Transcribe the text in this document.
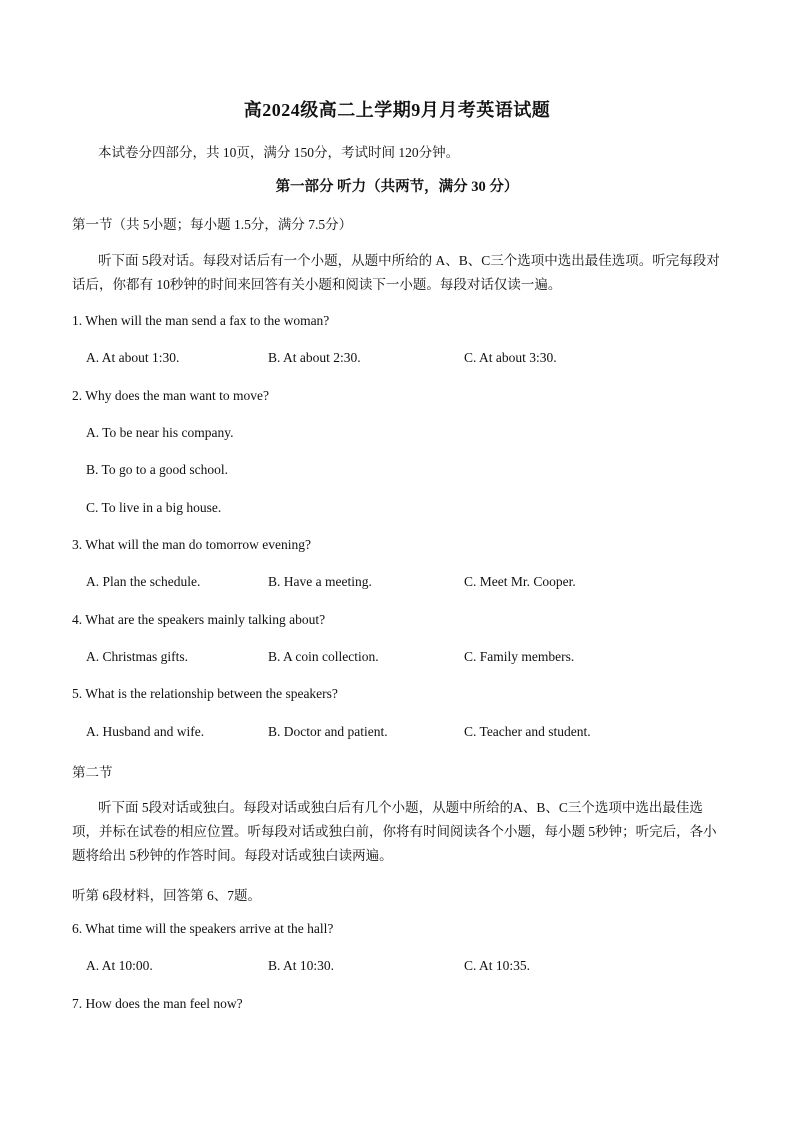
高2024级高二上学期9月月考英语试题
本试卷分四部分，共 10页，满分 150分，考试时间 120分钟。
第一部分 听力（共两节，满分 30 分）
第一节（共 5小题；每小题 1.5分，满分 7.5分）
听下面 5段对话。每段对话后有一个小题，从题中所给的 A、B、C三个选项中选出最佳选项。听完每段对话后，你都有 10秒钟的时间来回答有关小题和阅读下一小题。每段对话仅读一遍。
1. When will the man send a fax to the woman?
A. At about 1:30.	B. At about 2:30.	C. At about 3:30.
2. Why does the man want to move?
A. To be near his company.
B. To go to a good school.
C. To live in a big house.
3. What will the man do tomorrow evening?
A. Plan the schedule.	B. Have a meeting.	C. Meet Mr. Cooper.
4. What are the speakers mainly talking about?
A. Christmas gifts.	B. A coin collection.	C. Family members.
5. What is the relationship between the speakers?
A. Husband and wife.	B. Doctor and patient.	C. Teacher and student.
第二节
听下面 5段对话或独白。每段对话或独白后有几个小题，从题中所给的A、B、C三个选项中选出最佳选项，并标在试卷的相应位置。听每段对话或独白前，你将有时间阅读各个小题，每小题 5秒钟；听完后，各小题将给出 5秒钟的作答时间。每段对话或独白读两遍。
听第 6段材料，回答第 6、7题。
6. What time will the speakers arrive at the hall?
A. At 10:00.	B. At 10:30.	C. At 10:35.
7. How does the man feel now?
